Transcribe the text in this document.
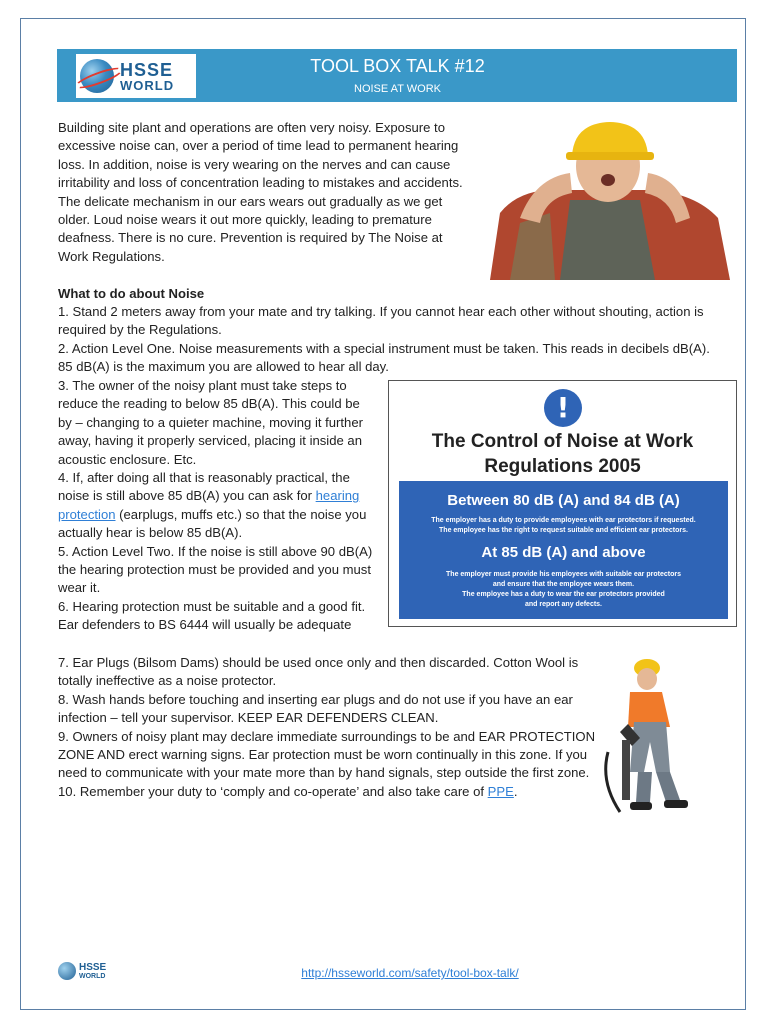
HSSE
WORLD
TOOL BOX TALK #12
NOISE AT WORK

Building site plant and operations are often very noisy. Exposure to excessive noise can, over a period of time lead to permanent hearing loss. In addition, noise is very wearing on the nerves and can cause irritability and loss of concentration leading to mistakes and accidents.

The delicate mechanism in our ears wears out gradually as we get older. Loud noise wears it out more quickly, leading to premature deafness. There is no cure. Prevention is required by The Noise at Work Regulations.

What to do about Noise
1. Stand 2 meters away from your mate and try talking. If you cannot hear each other without shouting, action is required by the Regulations.
2. Action Level One. Noise measurements with a special instrument must be taken. This reads in decibels dB(A). 85 dB(A) is the maximum you are allowed to hear all day.

3. The owner of the noisy plant must take steps to reduce the reading to below 85 dB(A). This could be by – changing to a quieter machine, moving it further away, having it properly serviced, placing it inside an acoustic enclosure. Etc.

4. If, after doing all that is reasonably practical, the noise is still above 85 dB(A) you can ask for hearing protection (earplugs, muffs etc.) so that the noise you actually hear is below 85 dB(A).

5. Action Level Two. If the noise is still above 90 dB(A) the hearing protection must be provided and you must wear it.

6. Hearing protection must be suitable and a good fit. Ear defenders to BS 6444 will usually be adequate

!
The Control of Noise at Work
Regulations 2005
Between 80 dB (A) and 84 dB (A)
The employer has a duty to provide employees with ear protectors if requested.
The employee has the right to request suitable and efficient ear protectors.
At 85 dB (A) and above
The employer must provide his employees with suitable ear protectors
and ensure that the employee wears them.
The employee has a duty to wear the ear protectors provided
and report any defects.

7. Ear Plugs (Bilsom Dams) should be used once only and then discarded. Cotton Wool is totally ineffective as a noise protector.

8. Wash hands before touching and inserting ear plugs and do not use if you have an ear infection – tell your supervisor. KEEP EAR DEFENDERS CLEAN.

9. Owners of noisy plant may declare immediate surroundings to be and EAR PROTECTION ZONE AND erect warning signs. Ear protection must be worn continually in this zone. If you need to communicate with your mate more than by hand signals, step outside the first zone.

10. Remember your duty to ‘comply and co-operate’ and also take care of PPE.

HSSE
WORLD	http://hsseworld.com/safety/tool-box-talk/
